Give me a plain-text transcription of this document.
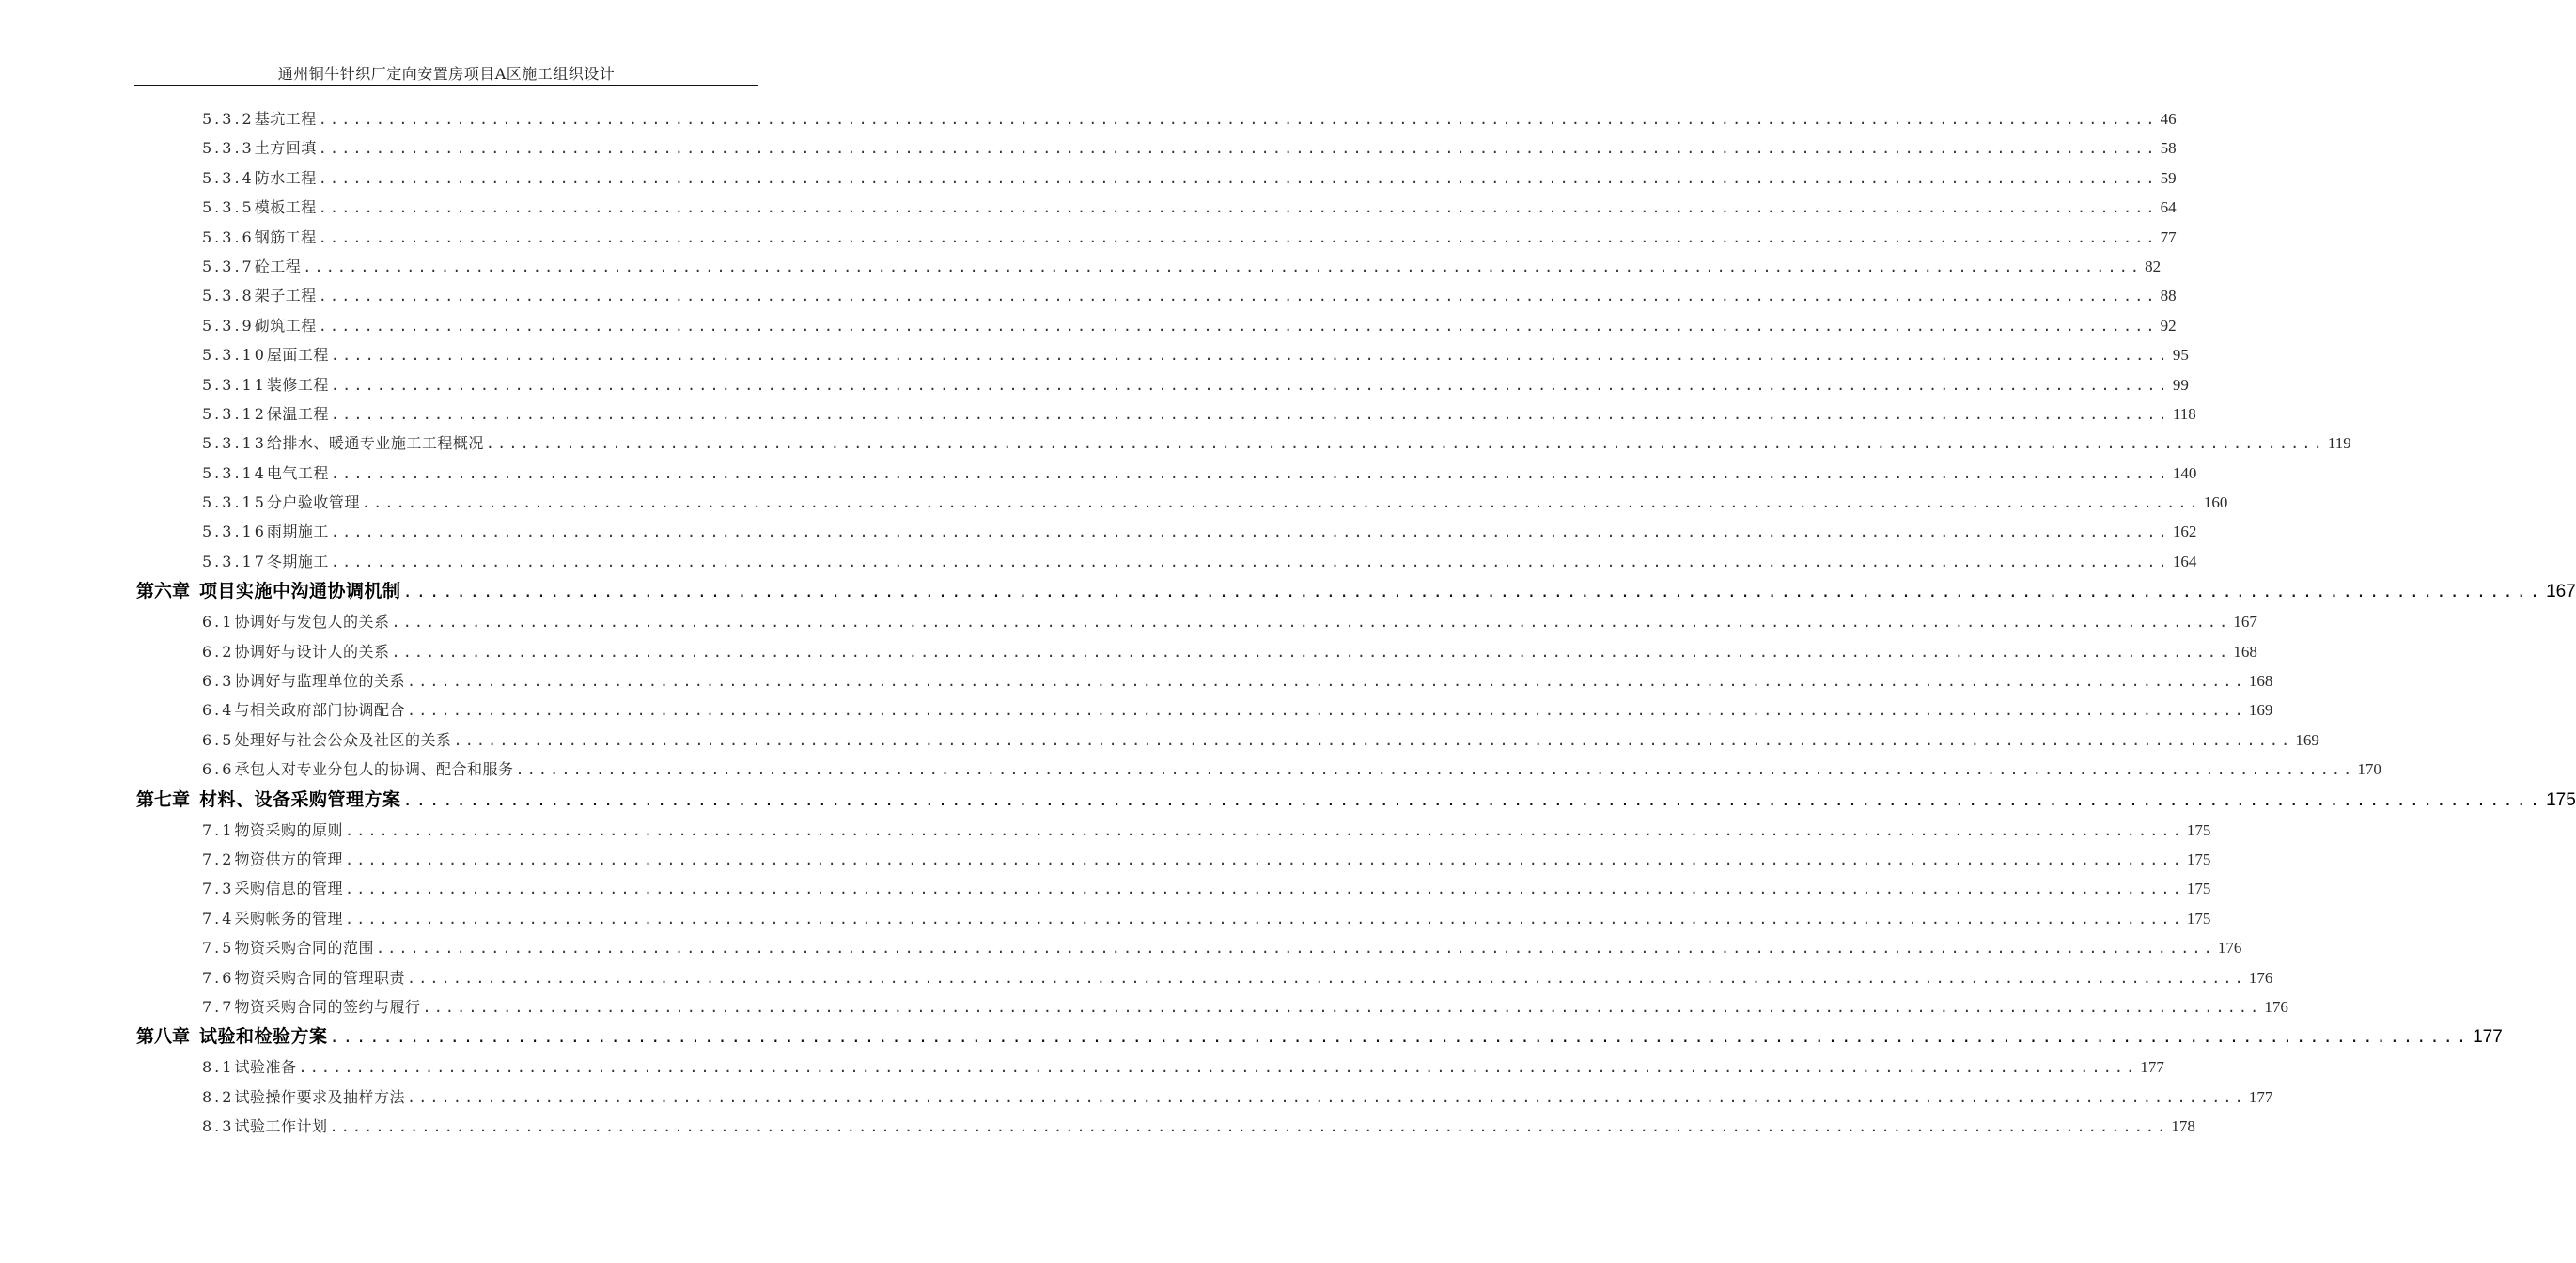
通州铜牛针织厂定向安置房项目A区施工组织设计
5.3.2 基坑工程 ................................................................................................................................................................ 46
5.3.3 土方回填 ................................................................................................................................................................ 58
5.3.4 防水工程 ................................................................................................................................................................ 59
5.3.5 模板工程 ................................................................................................................................................................ 64
5.3.6 钢筋工程 ................................................................................................................................................................ 77
5.3.7 砼工程 ................................................................................................................................................................ 82
5.3.8 架子工程 ................................................................................................................................................................ 88
5.3.9 砌筑工程 ................................................................................................................................................................ 92
5.3.10 屋面工程 ................................................................................................................................................................ 95
5.3.11 装修工程 ................................................................................................................................................................ 99
5.3.12 保温工程 ................................................................................................................................................................ 118
5.3.13 给排水、暖通专业施工工程概况 ................................................................................................................................................................ 119
5.3.14 电气工程 ................................................................................................................................................................ 140
5.3.15 分户验收管理 ................................................................................................................................................................ 160
5.3.16 雨期施工 ................................................................................................................................................................ 162
5.3.17 冬期施工 ................................................................................................................................................................ 164
第六章 项目实施中沟通协调机制 ................................................................................................................................................................ 167
6.1 协调好与发包人的关系 ................................................................................................................................................................ 167
6.2 协调好与设计人的关系 ................................................................................................................................................................ 168
6.3 协调好与监理单位的关系 ................................................................................................................................................................ 168
6.4 与相关政府部门协调配合 ................................................................................................................................................................ 169
6.5 处理好与社会公众及社区的关系 ................................................................................................................................................................ 169
6.6 承包人对专业分包人的协调、配合和服务 ................................................................................................................................................................ 170
第七章 材料、设备采购管理方案 ................................................................................................................................................................ 175
7.1 物资采购的原则 ................................................................................................................................................................ 175
7.2 物资供方的管理 ................................................................................................................................................................ 175
7.3 采购信息的管理 ................................................................................................................................................................ 175
7.4 采购帐务的管理 ................................................................................................................................................................ 175
7.5 物资采购合同的范围 ................................................................................................................................................................ 176
7.6 物资采购合同的管理职责 ................................................................................................................................................................ 176
7.7 物资采购合同的签约与履行 ................................................................................................................................................................ 176
第八章 试验和检验方案 ................................................................................................................................................................ 177
8.1 试验准备 ................................................................................................................................................................ 177
8.2 试验操作要求及抽样方法 ................................................................................................................................................................ 177
8.3 试验工作计划 ................................................................................................................................................................ 178
